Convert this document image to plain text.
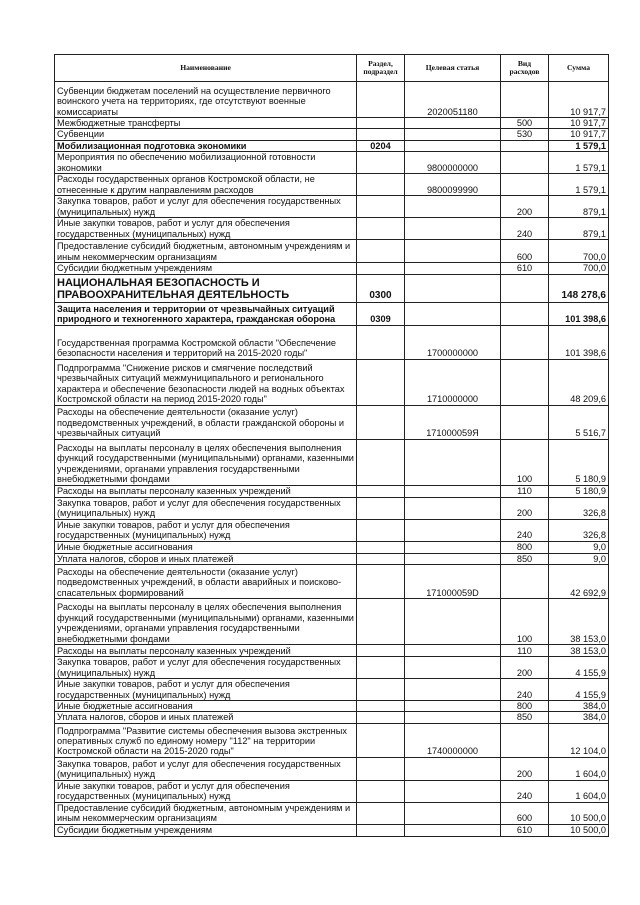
Наименование	Раздел, подраздел	Целевая статья	Вид расходов	Сумма
Субвенции бюджетам поселений на осуществление первичного воинского учета на территориях, где отсутствуют военные комиссариаты		2020051180		10 917,7
Межбюджетные трансферты			500	10 917,7
Субвенции			530	10 917,7
Мобилизационная подготовка экономики	0204			1 579,1
Мероприятия по обеспечению мобилизационной готовности экономики		9800000000		1 579,1
Расходы государственных органов Костромской области, не отнесенные к другим направлениям расходов		9800099990		1 579,1
Закупка товаров, работ и услуг для обеспечения государственных (муниципальных) нужд			200	879,1
Иные закупки товаров, работ и услуг для обеспечения государственных (муниципальных) нужд			240	879,1
Предоставление субсидий бюджетным, автономным учреждениям и иным некоммерческим организациям			600	700,0
Субсидии бюджетным учреждениям			610	700,0
НАЦИОНАЛЬНАЯ БЕЗОПАСНОСТЬ И ПРАВООХРАНИТЕЛЬНАЯ ДЕЯТЕЛЬНОСТЬ	0300			148 278,6
Защита населения и территории от чрезвычайных ситуаций природного и техногенного характера, гражданская оборона	0309			101 398,6
Государственная программа Костромской области "Обеспечение безопасности населения и территорий на 2015-2020 годы"		1700000000		101 398,6
Подпрограмма "Снижение рисков и смягчение последствий чрезвычайных ситуаций межмуниципального и регионального характера и обеспечение безопасности людей на водных объектах Костромской области на период 2015-2020 годы"		1710000000		48 209,6
Расходы на обеспечение деятельности (оказание услуг) подведомственных учреждений, в области гражданской обороны и чрезвычайных ситуаций		171000059Я		5 516,7
Расходы на выплаты персоналу в целях обеспечения выполнения функций государственными (муниципальными) органами, казенными учреждениями, органами управления государственными внебюджетными фондами			100	5 180,9
Расходы на выплаты персоналу казенных учреждений			110	5 180,9
Закупка товаров, работ и услуг для обеспечения государственных (муниципальных) нужд			200	326,8
Иные закупки товаров, работ и услуг для обеспечения государственных (муниципальных) нужд			240	326,8
Иные бюджетные ассигнования			800	9,0
Уплата налогов, сборов и иных платежей			850	9,0
Расходы на обеспечение деятельности (оказание услуг) подведомственных учреждений, в области аварийных и поисково-спасательных формирований		171000059D		42 692,9
Расходы на выплаты персоналу в целях обеспечения выполнения функций государственными (муниципальными) органами, казенными учреждениями, органами управления государственными внебюджетными фондами			100	38 153,0
Расходы на выплаты персоналу казенных учреждений			110	38 153,0
Закупка товаров, работ и услуг для обеспечения государственных (муниципальных) нужд			200	4 155,9
Иные закупки товаров, работ и услуг для обеспечения государственных (муниципальных) нужд			240	4 155,9
Иные бюджетные ассигнования			800	384,0
Уплата налогов, сборов и иных платежей			850	384,0
Подпрограмма "Развитие системы обеспечения вызова экстренных оперативных служб по единому номеру "112" на территории Костромской области на 2015-2020 годы"		1740000000		12 104,0
Закупка товаров, работ и услуг для обеспечения государственных (муниципальных) нужд			200	1 604,0
Иные закупки товаров, работ и услуг для обеспечения государственных (муниципальных) нужд			240	1 604,0
Предоставление субсидий бюджетным, автономным учреждениям и иным некоммерческим организациям			600	10 500,0
Субсидии бюджетным учреждениям			610	10 500,0
